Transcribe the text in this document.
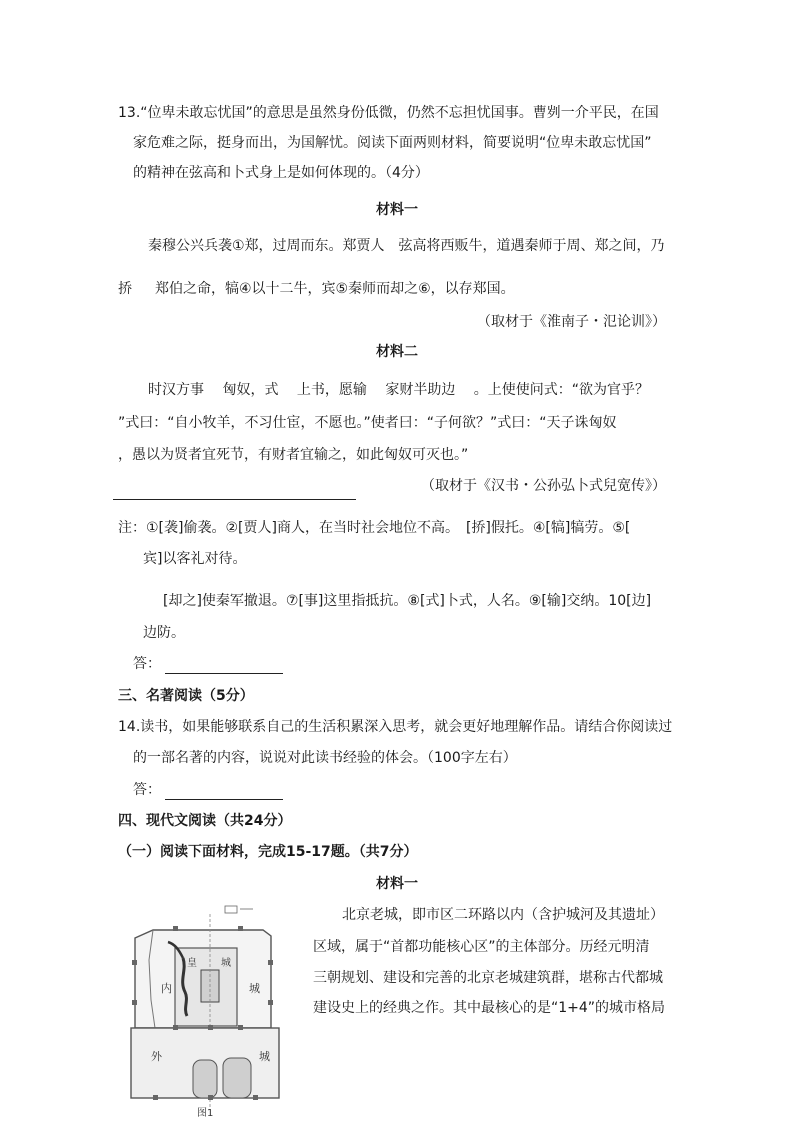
13.“位卑未敢忘忧国”的意思是虽然身份低微，仍然不忘担忧国事。曹刿一介平民，在国
家危难之际，挺身而出，为国解忧。阅读下面两则材料，简要说明“位卑未敢忘忧国”
的精神在弦高和卜式身上是如何体现的。（4分）
材料一
秦穆公兴兵袭①郑，过周而东。郑贾人　弦高将西贩牛，道遇秦师于周、郑之间，乃
挢 郑伯之命，犒④以十二牛，宾⑤秦师而却之⑥，以存郑国。
（取材于《淮南子・氾论训》）
材料二
时汉方事　 匈奴，式　 上书，愿输　 家财半助边　 。上使使问式：“欲为官乎？
”式曰：“自小牧羊，不习仕宦，不愿也。”使者曰：“子何欲？”式曰：“天子诛匈奴
，愚以为贤者宜死节，有财者宜输之，如此匈奴可灭也。”
（取材于《汉书・公孙弘卜式兒宽传》）
注：①[袭]偷袭。②[贾人]商人，在当时社会地位不高。　[挢]假托。④[犒]犒劳。⑤[
宾]以客礼对待。
[却之]使秦军撤退。⑦[事]这里指抵抗。⑧[式]卜式，人名。⑨[输]交纳。10[边]
边防。
答：
三、名著阅读（5分）
14.读书，如果能够联系自己的生活积累深入思考，就会更好地理解作品。请结合你阅读过
的一部名著的内容，说说对此读书经验的体会。（100字左右）
答：
四、现代文阅读（共24分）
（一）阅读下面材料，完成15-17题。（共7分）
材料一
北京老城，即市区二环路以内（含护城河及其遗址）
区域，属于“首都功能核心区”的主体部分。历经元明清
三朝规划、建设和完善的北京老城建筑群，堪称古代都城
建设史上的经典之作。其中最核心的是“1+4”的城市格局
内	城
皇 城
外	城
图1
